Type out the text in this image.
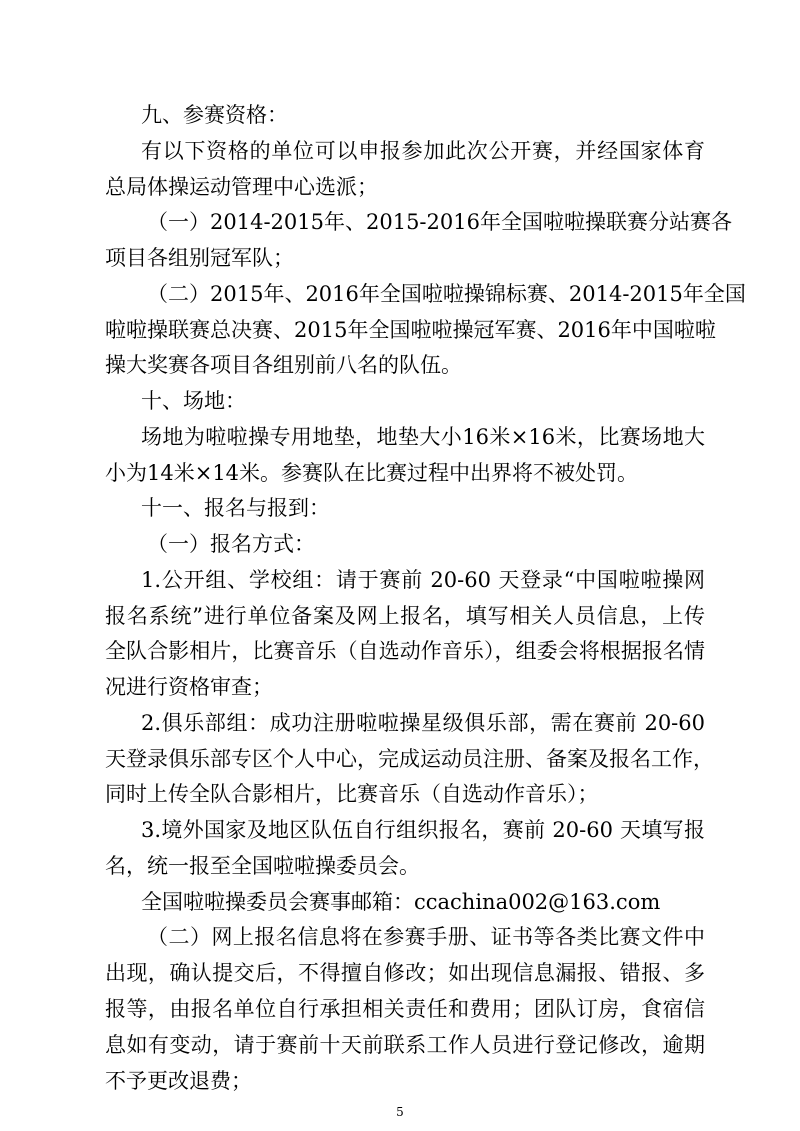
九、参赛资格：
有以下资格的单位可以申报参加此次公开赛，并经国家体育
总局体操运动管理中心选派；
（一）2014-2015年、2015-2016年全国啦啦操联赛分站赛各
项目各组别冠军队；
（二）2015年、2016年全国啦啦操锦标赛、2014-2015年全国
啦啦操联赛总决赛、2015年全国啦啦操冠军赛、2016年中国啦啦
操大奖赛各项目各组别前八名的队伍。
十、场地：
场地为啦啦操专用地垫，地垫大小16米×16米，比赛场地大
小为14米×14米。参赛队在比赛过程中出界将不被处罚。
十一、报名与报到：
（一）报名方式：
1.公开组、学校组：请于赛前 20-60 天登录“中国啦啦操网
报名系统”进行单位备案及网上报名，填写相关人员信息，上传
全队合影相片，比赛音乐（自选动作音乐），组委会将根据报名情
况进行资格审查；
2.俱乐部组：成功注册啦啦操星级俱乐部，需在赛前 20-60
天登录俱乐部专区个人中心，完成运动员注册、备案及报名工作，
同时上传全队合影相片，比赛音乐（自选动作音乐）；
3.境外国家及地区队伍自行组织报名，赛前 20-60 天填写报
名，统一报至全国啦啦操委员会。
全国啦啦操委员会赛事邮箱：ccachina002@163.com
（二）网上报名信息将在参赛手册、证书等各类比赛文件中
出现，确认提交后，不得擅自修改；如出现信息漏报、错报、多
报等，由报名单位自行承担相关责任和费用；团队订房，食宿信
5
息如有变动，请于赛前十天前联系工作人员进行登记修改，逾期
不予更改退费；
